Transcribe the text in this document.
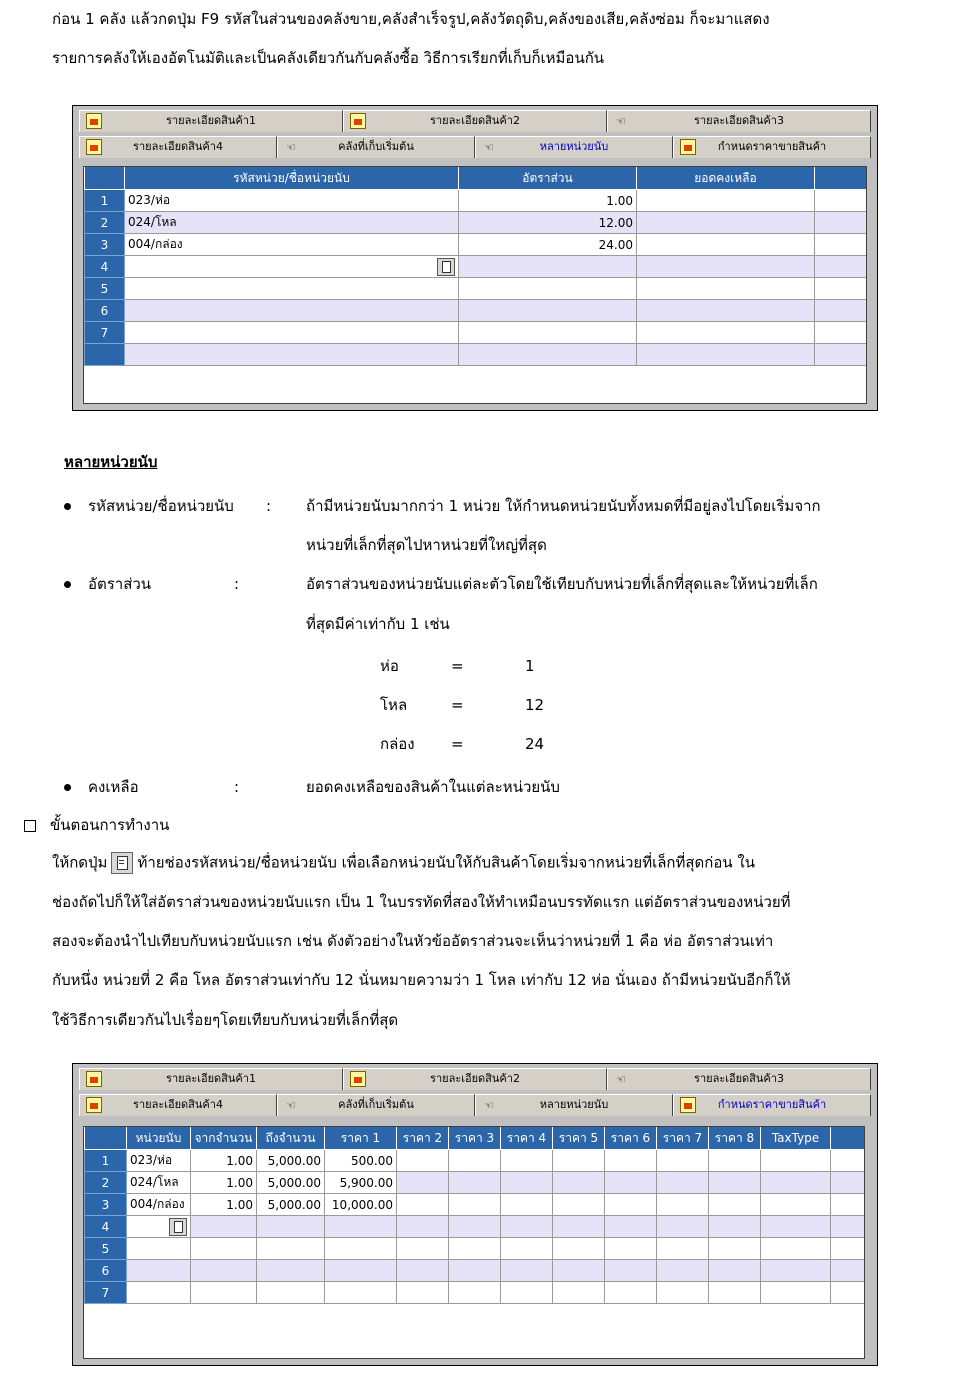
ก่อน 1 คลัง แล้วกดปุ่ม F9 รหัสในส่วนของคลังขาย,คลังสำเร็จรูป,คลังวัตถุดิบ,คลังของเสีย,คลังซ่อม ก็จะมาแสดง
รายการคลังให้เองอัตโนมัติและเป็นคลังเดียวกันกับคลังซื้อ วิธีการเรียกที่เก็บก็เหมือนกัน
รายละเอียดสินค้า1	รายละเอียดสินค้า2	☜	รายละเอียดสินค้า3
รายละเอียดสินค้า4	☜	คลังที่เก็บเริ่มต้น	☜	หลายหน่วยนับ	กำหนดราคาขายสินค้า
	รหัสหน่วย/ชื่อหน่วยนับ	อัตราส่วน	ยอดคงเหลือ	
1	023/ห่อ	1.00		
2	024/โหล	12.00		
3	004/กล่อง	24.00		
4				
5				
6				
7				

หลายหน่วยนับ
รหัสหน่วย/ชื่อหน่วยนับ : ถ้ามีหน่วยนับมากกว่า 1 หน่วย ให้กำหนดหน่วยนับทั้งหมดที่มีอยู่ลงไปโดยเริ่มจาก
หน่วยที่เล็กที่สุดไปหาหน่วยที่ใหญ่ที่สุด
อัตราส่วน	:	อัตราส่วนของหน่วยนับแต่ละตัวโดยใช้เทียบกับหน่วยที่เล็กที่สุดและให้หน่วยที่เล็ก
ที่สุดมีค่าเท่ากับ 1 เช่น
ห่อ	=	1
โหล	=	12
กล่อง =	24
คงเหลือ	:	ยอดคงเหลือของสินค้าในแต่ละหน่วยนับ
ขั้นตอนการทำงาน
ให้กดปุ่ม ท้ายช่องรหัสหน่วย/ชื่อหน่วยนับ เพื่อเลือกหน่วยนับให้กับสินค้าโดยเริ่มจากหน่วยที่เล็กที่สุดก่อน ใน
ช่องถัดไปก็ให้ใส่อัตราส่วนของหน่วยนับแรก เป็น 1 ในบรรทัดที่สองให้ทำเหมือนบรรทัดแรก แต่อัตราส่วนของหน่วยที่
สองจะต้องนำไปเทียบกับหน่วยนับแรก เช่น ดังตัวอย่างในหัวข้ออัตราส่วนจะเห็นว่าหน่วยที่ 1 คือ ห่อ อัตราส่วนเท่า
กับหนึ่ง หน่วยที่ 2 คือ โหล อัตราส่วนเท่ากับ 12 นั่นหมายความว่า 1 โหล เท่ากับ 12 ห่อ นั่นเอง ถ้ามีหน่วยนับอีกก็ให้
ใช้วิธีการเดียวกันไปเรื่อยๆโดยเทียบกับหน่วยที่เล็กที่สุด
รายละเอียดสินค้า1	รายละเอียดสินค้า2	☜	รายละเอียดสินค้า3
รายละเอียดสินค้า4	☜	คลังที่เก็บเริ่มต้น	☜	หลายหน่วยนับ	กำหนดราคาขายสินค้า
	หน่วยนับ	จากจำนวน	ถึงจำนวน	ราคา 1	ราคา 2	ราคา 3	ราคา 4	ราคา 5	ราคา 6	ราคา 7	ราคา 8	TaxType	
1	023/ห่อ	1.00	5,000.00	500.00									
2	024/โหล	1.00	5,000.00	5,900.00									
3	004/กล่อง	1.00	5,000.00	10,000.00									
4													
5													
6													
7													
